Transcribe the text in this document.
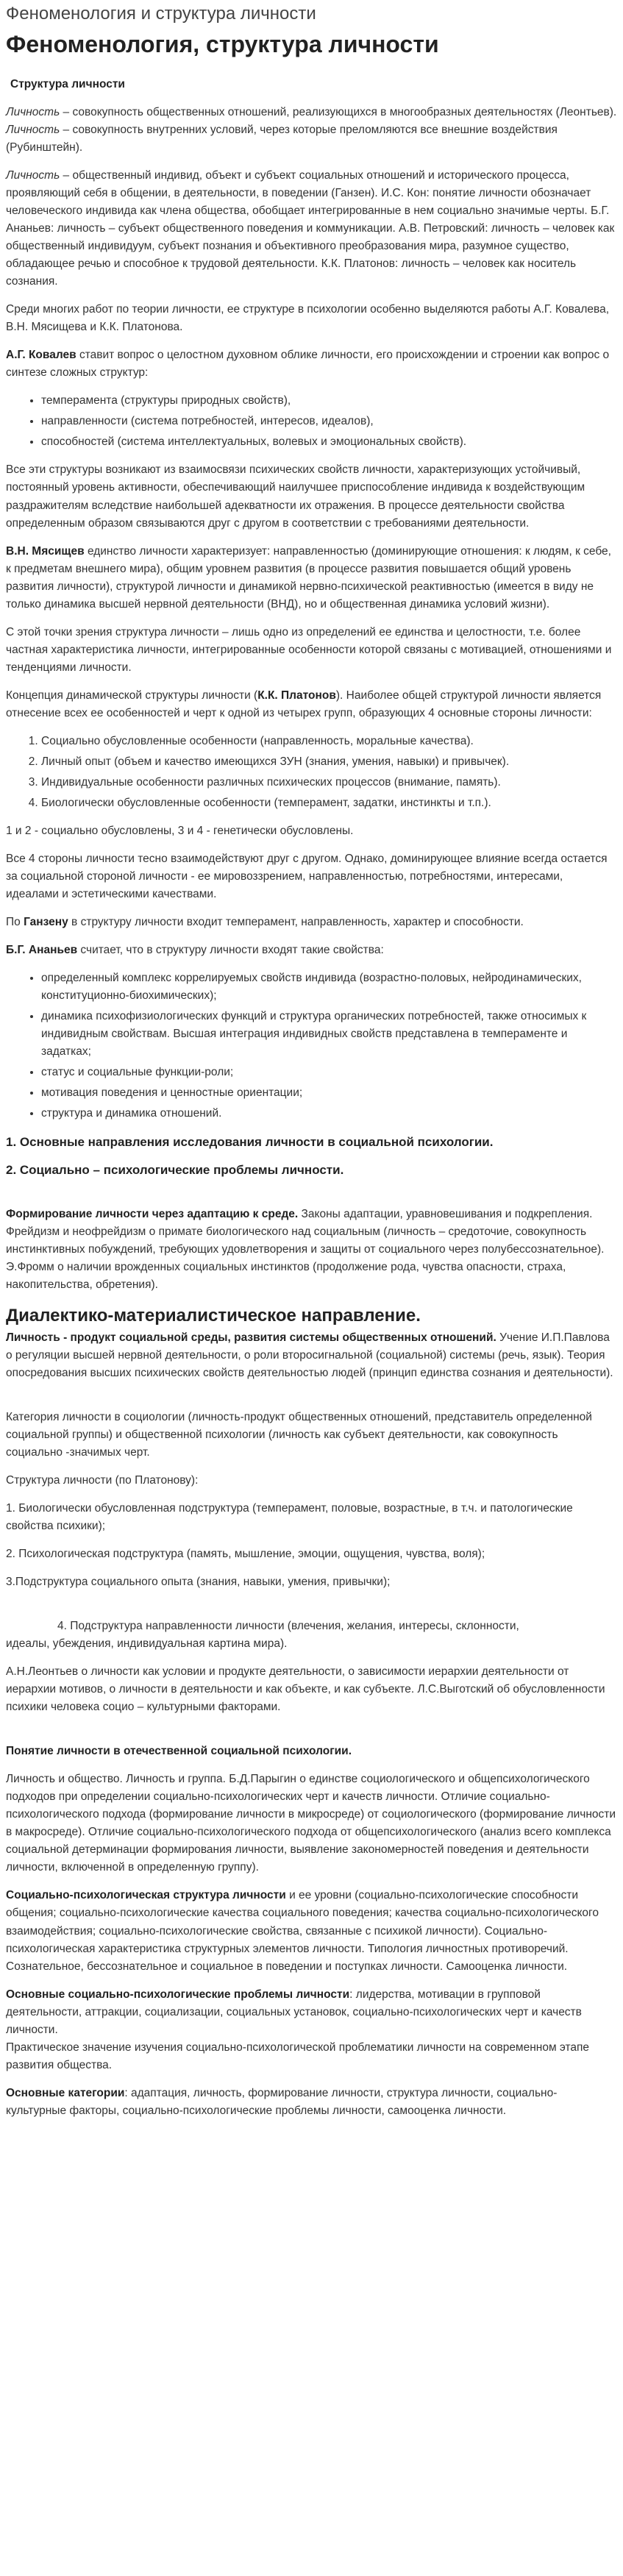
Феноменология и структура личности
Феноменология, структура личности
Структура личности

Личность – совокупность общественных отношений, реализующихся в многообразных деятельностях (Леонтьев). Личность – совокупность внутренних условий, через которые преломляются все внешние воздействия (Рубинштейн).

Личность – общественный индивид, объект и субъект социальных отношений и исторического процесса, проявляющий себя в общении, в деятельности, в поведении (Ганзен). И.С. Кон: понятие личности обозначает человеческого индивида как члена общества, обобщает интегрированные в нем социально значимые черты. Б.Г. Ананьев: личность – субъект общественного поведения и коммуникации. А.В. Петровский: личность – человек как общественный индивидуум, субъект познания и объективного преобразования мира, разумное существо, обладающее речью и способное к трудовой деятельности. К.К. Платонов: личность – человек как носитель сознания.

Среди многих работ по теории личности, ее структуре в психологии особенно выделяются работы А.Г. Ковалева, В.Н. Мясищева и К.К. Платонова.

А.Г. Ковалев ставит вопрос о целостном духовном облике личности, его происхождении и строении как вопрос о синтезе сложных структур:

• темперамента (структуры природных свойств),
• направленности (система потребностей, интересов, идеалов),
• способностей (система интеллектуальных, волевых и эмоциональных свойств).

Все эти структуры возникают из взаимосвязи психических свойств личности, характеризующих устойчивый, постоянный уровень активности, обеспечивающий наилучшее приспособление индивида к воздействующим раздражителям вследствие наибольшей адекватности их отражения. В процессе деятельности свойства определенным образом связываются друг с другом в соответствии с требованиями деятельности.

В.Н. Мясищев единство личности характеризует: направленностью (доминирующие отношения: к людям, к себе, к предметам внешнего мира), общим уровнем развития (в процессе развития повышается общий уровень развития личности), структурой личности и динамикой нервно-психической реактивностью (имеется в виду не только динамика высшей нервной деятельности (ВНД), но и общественная динамика условий жизни).

С этой точки зрения структура личности – лишь одно из определений ее единства и целостности, т.е. более частная характеристика личности, интегрированные особенности которой связаны с мотивацией, отношениями и тенденциями личности.

Концепция динамической структуры личности (К.К. Платонов). Наиболее общей структурой личности является отнесение всех ее особенностей и черт к одной из четырех групп, образующих 4 основные стороны личности:

1. Социально обусловленные особенности (направленность, моральные качества).
2. Личный опыт (объем и качество имеющихся ЗУН (знания, умения, навыки) и привычек).
3. Индивидуальные особенности различных психических процессов (внимание, память).
4. Биологически обусловленные особенности (темперамент, задатки, инстинкты и т.п.).

1 и 2 - социально обусловлены, 3 и 4 - генетически обусловлены.

Все 4 стороны личности тесно взаимодействуют друг с другом. Однако, доминирующее влияние всегда остается за социальной стороной личности - ее мировоззрением, направленностью, потребностями, интересами, идеалами и эстетическими качествами.

По Ганзену в структуру личности входит темперамент, направленность, характер и способности.

Б.Г. Ананьев считает, что в структуру личности входят такие свойства:

• определенный комплекс коррелируемых свойств индивида (возрастно-половых, нейродинамических, конституционно-биохимических);
• динамика психофизиологических функций и структура органических потребностей, также относимых к индивидным свойствам. Высшая интеграция индивидных свойств представлена в темпераменте и задатках;
• статус и социальные функции-роли;
• мотивация поведения и ценностные ориентации;
• структура и динамика отношений.
1. Основные направления исследования личности в социальной психологии.
2. Социально – психологические проблемы личности.

Формирование личности через адаптацию к среде. Законы адаптации, уравновешивания и подкрепления. Фрейдизм и неофрейдизм о примате биологического над социальным (личность – средоточие, совокупность инстинктивных побуждений, требующих удовлетворения и защиты от социального через полубессознательное). Э.Фромм о наличии врожденных социальных инстинктов (продолжение рода, чувства опасности, страха, накопительства, обретения).

Диалектико-материалистическое направление.

Личность - продукт социальной среды, развития системы общественных отношений. Учение И.П.Павлова о регуляции высшей нервной деятельности, о роли второсигнальной (социальной) системы (речь, язык). Теория опосредования высших психических свойств деятельностью людей (принцип единства сознания и деятельности).

Категория личности в социологии (личность-продукт общественных отношений, представитель определенной социальной группы) и общественной психологии (личность как субъект деятельности, как совокупность социально -значимых черт.

Структура личности (по Платонову):

1. Биологически обусловленная подструктура (темперамент, половые, возрастные, в т.ч. и патологические свойства психики);

2. Психологическая подструктура (память, мышление, эмоции, ощущения, чувства, воля);

3.Подструктура социального опыта (знания, навыки, умения, привычки);

4. Подструктура направленности личности (влечения, желания, интересы, склонности,
идеалы, убеждения, индивидуальная картина мира).

А.Н.Леонтьев о личности как условии и продукте деятельности, о зависимости иерархии деятельности от иерархии мотивов, о личности в деятельности и как объекте, и как субъекте. Л.С.Выготский об обусловленности психики человека социо – культурными факторами.

Понятие личности в отечественной социальной психологии.

Личность и общество. Личность и группа. Б.Д.Парыгин о единстве социологического и общепсихологического подходов при определении социально-психологических черт и качеств личности. Отличие социально-психологического подхода (формирование личности в микросреде) от социологического (формирование личности в макросреде). Отличие социально-психологического подхода от общепсихологического (анализ всего комплекса социальной детерминации формирования личности, выявление закономерностей поведения и деятельности личности, включенной в определенную группу).

Социально-психологическая структура личности и ее уровни (социально-психологические способности общения; социально-психологические качества социального поведения; качества социально-психологического взаимодействия; социально-психологические свойства, связанные с психикой личности). Социально-психологическая характеристика структурных элементов личности. Типология личностных противоречий. Сознательное, бессознательное и социальное в поведении и поступках личности. Самооценка личности.

Основные социально-психологические проблемы личности: лидерства, мотивации в групповой деятельности, аттракции, социализации, социальных установок, социально-психологических черт и качеств личности.

Практическое значение изучения социально-психологической проблематики личности на современном этапе развития общества.

Основные категории: адаптация, личность, формирование личности, структура личности, социально-культурные факторы, социально-психологические проблемы личности, самооценка личности.
